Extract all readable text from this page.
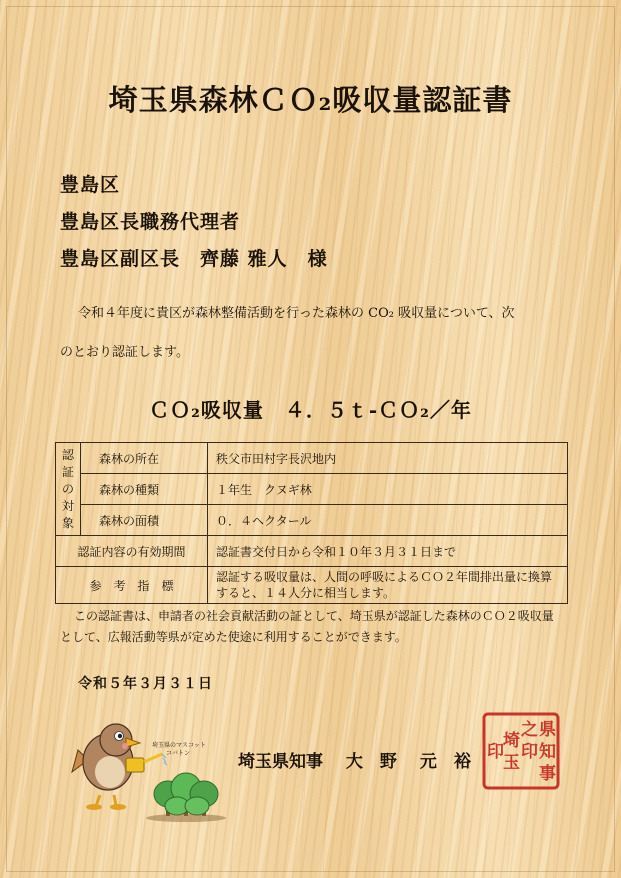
埼玉県森林ＣＯ₂吸収量認証書
豊島区
豊島区長職務代理者
豊島区副区長　齊藤 雅人　様
令和４年度に貴区が森林整備活動を行った森林の CO₂ 吸収量について、次
のとおり認証します。
ＣＯ₂吸収量　４．５ｔ-ＣＯ₂／年
認
証
の
対
象	森林の所在	秩父市田村字長沢地内
	森林の種類	１年生　クヌギ林
	森林の面積	０．４ヘクタール
認証内容の有効期間		認証書交付日から令和１０年３月３１日まで
参　考　指　標		認証する吸収量は、人間の呼吸によるＣＯ２年間排出量に換算
すると、１４人分に相当します。
この認証書は、申請者の社会貢献活動の証として、埼玉県が認証した森林のＣＯ２吸収量
として、広報活動等県が定めた使途に利用することができます。
令和５年３月３１日
埼玉県のマスコット
コバトン	埼玉県知事　 大　野　 元　裕
県
知
事
之
印
埼
玉
印
